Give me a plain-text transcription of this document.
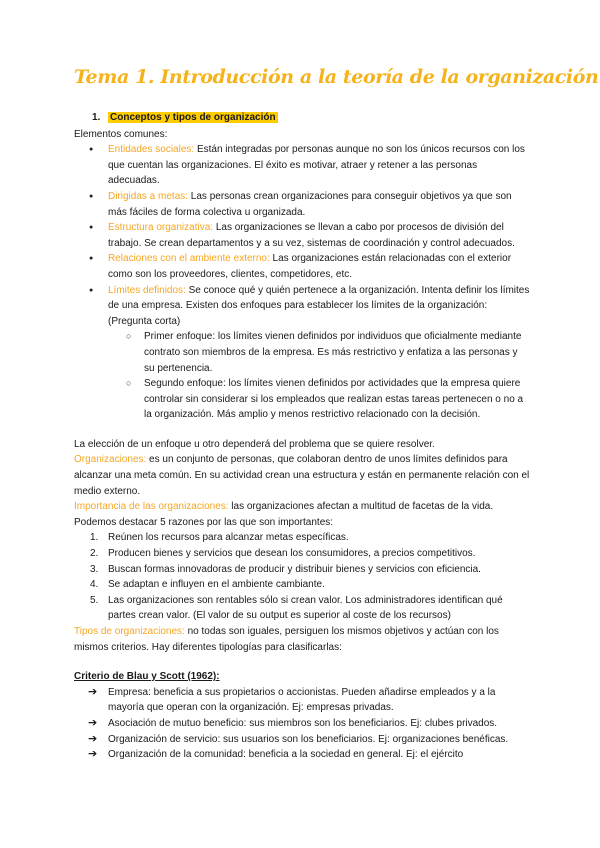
Tema 1. Introducción a la teoría de la organización
1. Conceptos y tipos de organización

Elementos comunes:

● Entidades sociales: Están integradas por personas aunque no son los únicos recursos con los que cuentan las organizaciones. El éxito es motivar, atraer y retener a las personas adecuadas.
● Dirigidas a metas: Las personas crean organizaciones para conseguir objetivos ya que son más fáciles de forma colectiva u organizada.
● Estructura organizativa: Las organizaciones se llevan a cabo por procesos de división del trabajo. Se crean departamentos y a su vez, sistemas de coordinación y control adecuados.
● Relaciones con el ambiente externo: Las organizaciones están relacionadas con el exterior como son los proveedores, clientes, competidores, etc.
● Límites definidos: Se conoce qué y quién pertenece a la organización. Intenta definir los límites de una empresa. Existen dos enfoques para establecer los límites de la organización: (Pregunta corta)
○ Primer enfoque: los límites vienen definidos por individuos que oficialmente mediante contrato son miembros de la empresa. Es más restrictivo y enfatiza a las personas y su pertenencia.
○ Segundo enfoque: los límites vienen definidos por actividades que la empresa quiere controlar sin considerar si los empleados que realizan estas tareas pertenecen o no a la organización. Más amplio y menos restrictivo relacionado con la decisión.

La elección de un enfoque u otro dependerá del problema que se quiere resolver.

Organizaciones: es un conjunto de personas, que colaboran dentro de unos límites definidos para alcanzar una meta común. En su actividad crean una estructura y están en permanente relación con el medio externo.

Importancia de las organizaciones: las organizaciones afectan a multitud de facetas de la vida.

Podemos destacar 5 razones por las que son importantes:

1. Reúnen los recursos para alcanzar metas específicas.
2. Producen bienes y servicios que desean los consumidores, a precios competitivos.
3. Buscan formas innovadoras de producir y distribuir bienes y servicios con eficiencia.
4. Se adaptan e influyen en el ambiente cambiante.
5. Las organizaciones son rentables sólo si crean valor. Los administradores identifican qué partes crean valor. (El valor de su output es superior al coste de los recursos)

Tipos de organizaciones: no todas son iguales, persiguen los mismos objetivos y actúan con los mismos criterios. Hay diferentes tipologías para clasificarlas:

Criterio de Blau y Scott (1962):

➔ Empresa: beneficia a sus propietarios o accionistas. Pueden añadirse empleados y a la mayoría que operan con la organización. Ej: empresas privadas.
➔ Asociación de mutuo beneficio: sus miembros son los beneficiarios. Ej: clubes privados.
➔ Organización de servicio: sus usuarios son los beneficiarios. Ej: organizaciones benéficas.
➔ Organización de la comunidad: beneficia a la sociedad en general. Ej: el ejército
